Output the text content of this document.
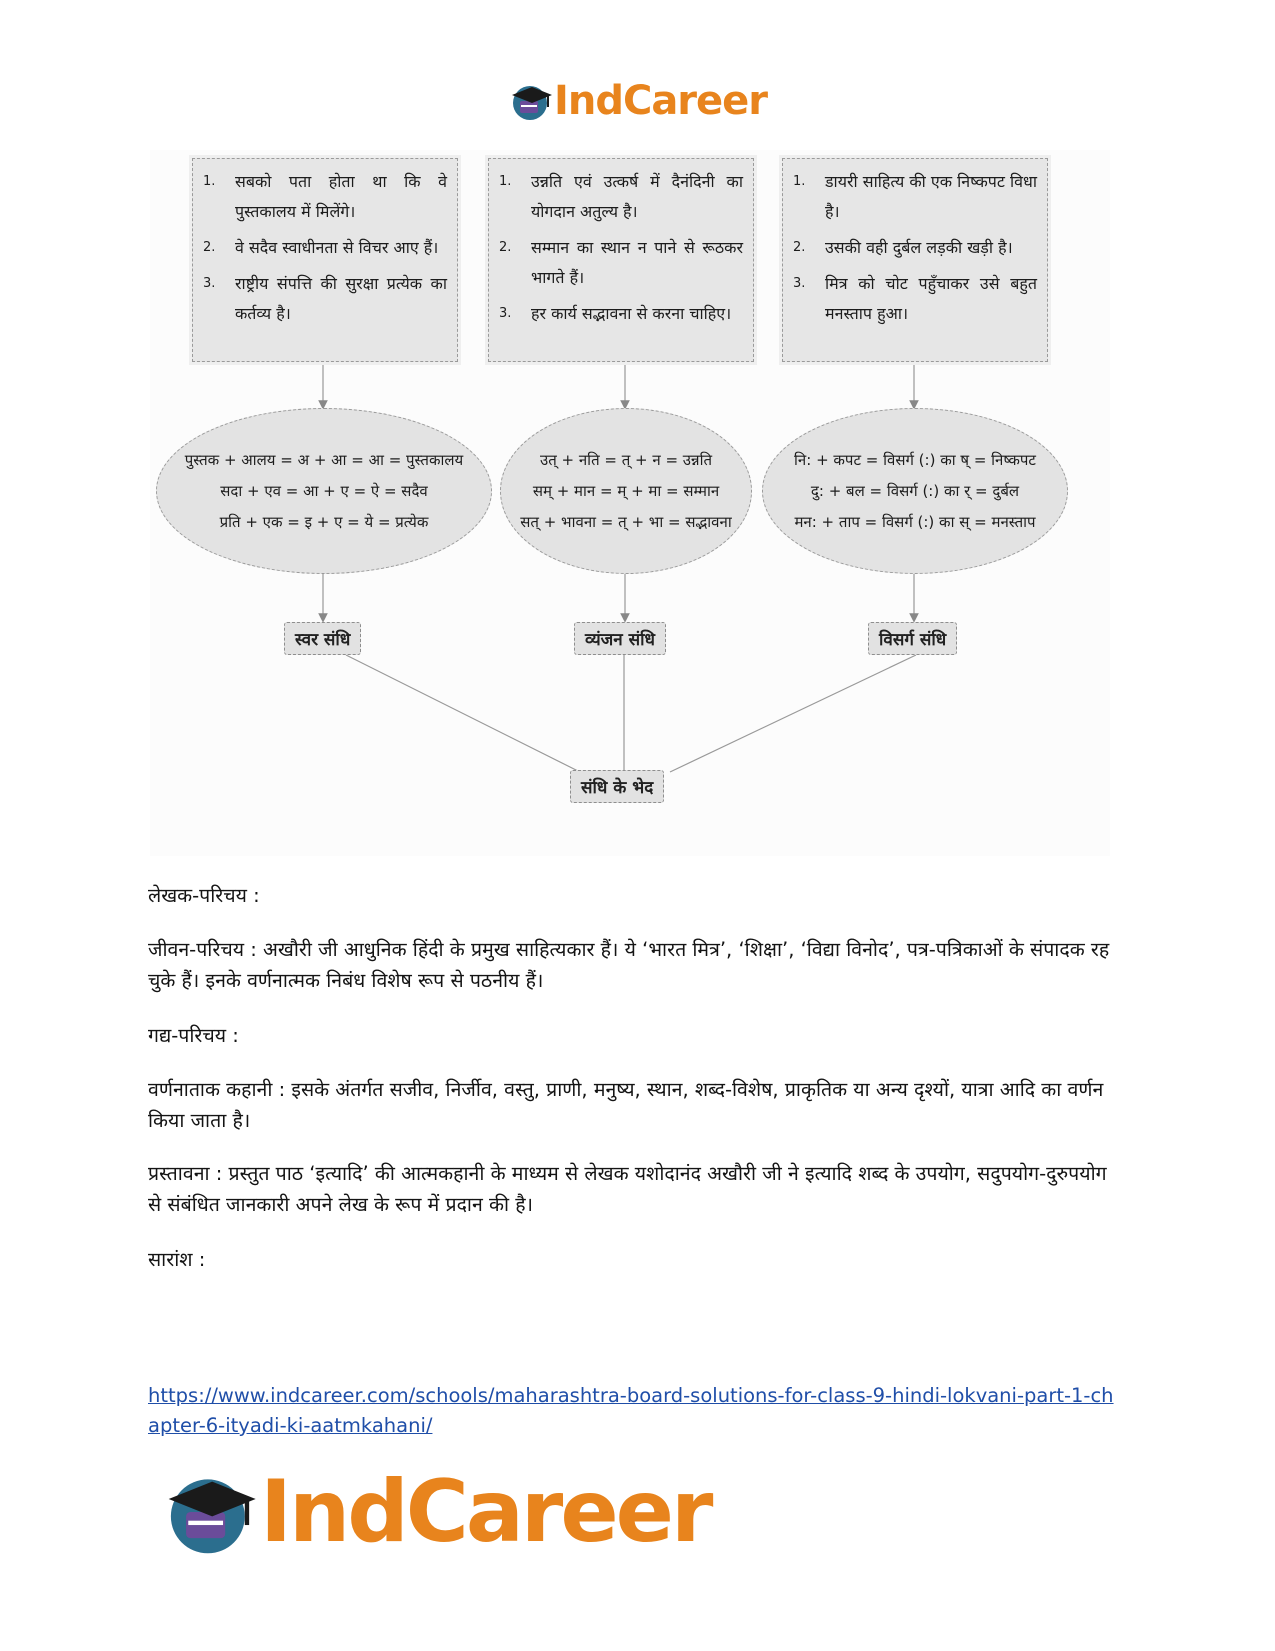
IndCareer
1.	सबको पता होता था कि वे पुस्तकालय में मिलेंगे।
2.	वे सदैव स्वाधीनता से विचर आए हैं।
3.	राष्ट्रीय संपत्ति की सुरक्षा प्रत्येक का कर्तव्य है।
1.	उन्नति एवं उत्कर्ष में दैनंदिनी का योगदान अतुल्य है।
2.	सम्मान का स्थान न पाने से रूठकर भागते हैं।
3.	हर कार्य सद्भावना से करना चाहिए।
1.	डायरी साहित्य की एक निष्कपट विधा है।
2.	उसकी वही दुर्बल लड़की खड़ी है।
3.	मित्र को चोट पहुँचाकर उसे बहुत मनस्ताप हुआ।
पुस्तक + आलय = अ + आ = आ = पुस्तकालय
सदा + एव = आ + ए = ऐ = सदैव
प्रति + एक = इ + ए = ये = प्रत्येक
उत् + नति = त् + न = उन्नति
सम् + मान = म् + मा = सम्मान
सत् + भावना = त् + भा = सद्भावना
नि: + कपट = विसर्ग (:) का ष् = निष्कपट
दु: + बल = विसर्ग (:) का र् = दुर्बल
मन: + ताप = विसर्ग (:) का स् = मनस्ताप
स्वर संधि	व्यंजन संधि	विसर्ग संधि
संधि के भेद
लेखक-परिचय :
जीवन-परिचय : अखौरी जी आधुनिक हिंदी के प्रमुख साहित्यकार हैं। ये ‘भारत मित्र’, ‘शिक्षा’, ‘विद्या विनोद’, पत्र-पत्रिकाओं के संपादक रह चुके हैं। इनके वर्णनात्मक निबंध विशेष रूप से पठनीय हैं।
गद्य-परिचय :
वर्णनाताक कहानी : इसके अंतर्गत सजीव, निर्जीव, वस्तु, प्राणी, मनुष्य, स्थान, शब्द-विशेष, प्राकृतिक या अन्य दृश्यों, यात्रा आदि का वर्णन किया जाता है।
प्रस्तावना : प्रस्तुत पाठ ‘इत्यादि’ की आत्मकहानी के माध्यम से लेखक यशोदानंद अखौरी जी ने इत्यादि शब्द के उपयोग, सदुपयोग-दुरुपयोग से संबंधित जानकारी अपने लेख के रूप में प्रदान की है।
सारांश :
https://www.indcareer.com/schools/maharashtra-board-solutions-for-class-9-hindi-lokvani-part-1-chapter-6-ityadi-ki-aatmkahani/
IndCareer
